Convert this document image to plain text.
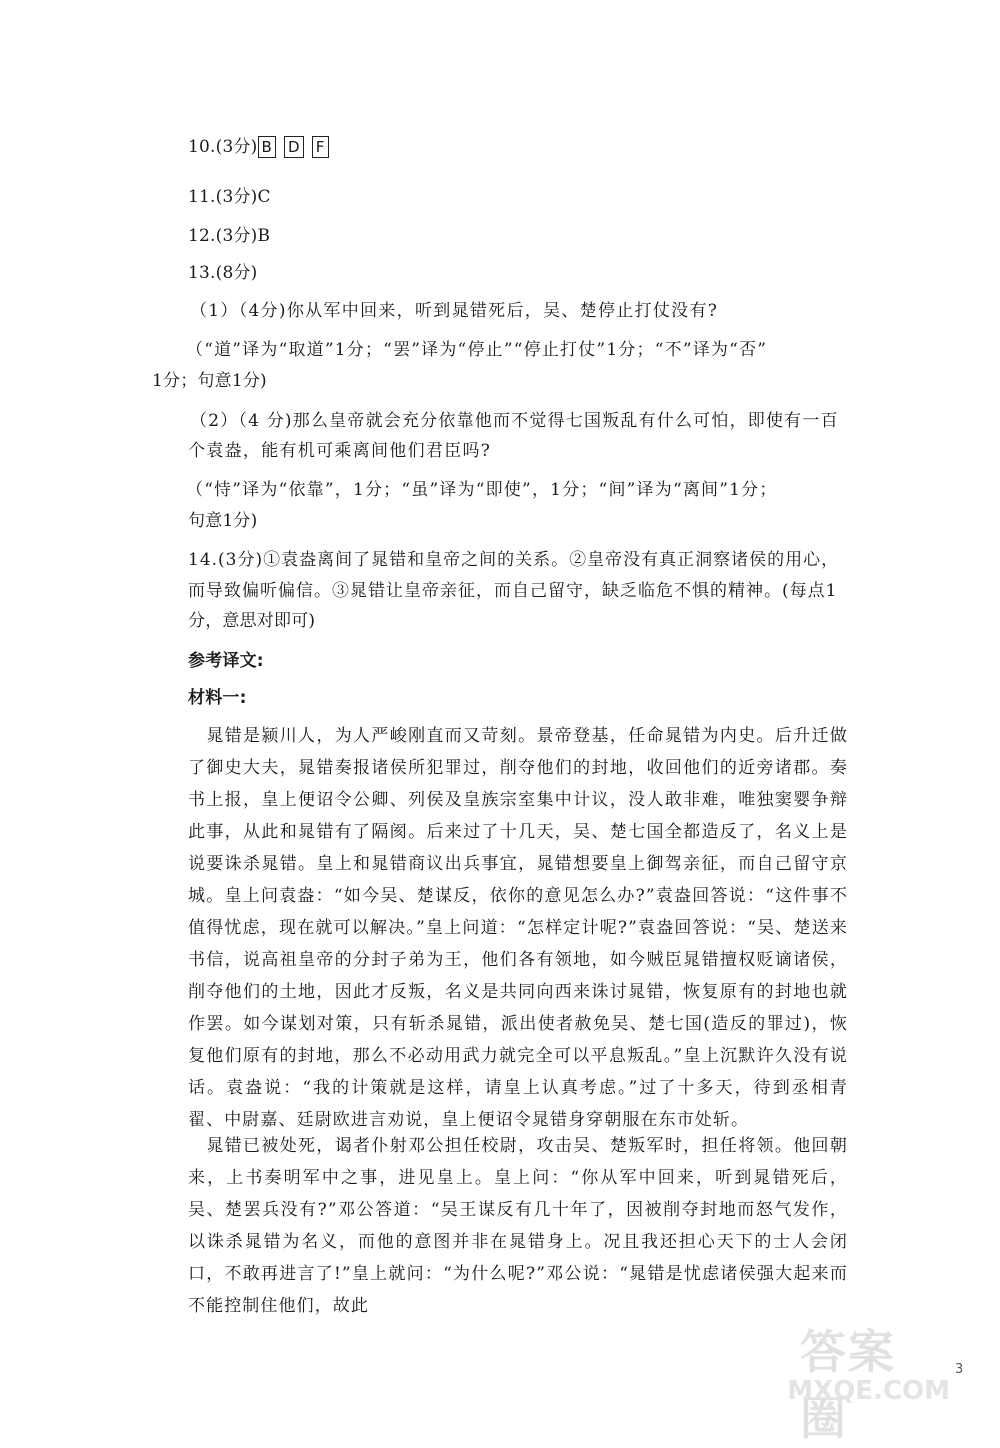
10.(3分) B D F
11.(3分)C
12.(3分)B
13.(8分)
（1）（4分)你从军中回来，听到晁错死后，吴、楚停止打仗没有?
（“道”译为“取道”1分；“罢”译为“停止”“停止打仗”1分；“不”译为“否”
1分；句意1分)
（2）（4 分)那么皇帝就会充分依靠他而不觉得七国叛乱有什么可怕，即使有一百
个袁盎，能有机可乘离间他们君臣吗?
（“恃”译为“依靠”，1分；“虽”译为“即使”，1分；“间”译为“离间”1分；
句意1分)
14.(3分)①袁盎离间了晁错和皇帝之间的关系。②皇帝没有真正洞察诸侯的用心，
而导致偏听偏信。③晁错让皇帝亲征，而自己留守，缺乏临危不惧的精神。(每点1
分，意思对即可)
参考译文:
材料一:
　晁错是颍川人，为人严峻刚直而又苛刻。景帝登基，任命晁错为内史。后升迁做了御史大夫，晁错奏报诸侯所犯罪过，削夺他们的封地，收回他们的近旁诸郡。奏书上报，皇上便诏令公卿、列侯及皇族宗室集中计议，没人敢非难，唯独窦婴争辩此事，从此和晁错有了隔阂。后来过了十几天，吴、楚七国全都造反了，名义上是说要诛杀晁错。皇上和晁错商议出兵事宜，晁错想要皇上御驾亲征，而自己留守京城。皇上问袁盎：“如今吴、楚谋反，依你的意见怎么办?”袁盎回答说：“这件事不值得忧虑，现在就可以解决。”皇上问道：“怎样定计呢?”袁盎回答说：“吴、楚送来书信，说高祖皇帝的分封子弟为王，他们各有领地，如今贼臣晁错擅权贬谪诸侯，削夺他们的土地，因此才反叛，名义是共同向西来诛讨晁错，恢复原有的封地也就作罢。如今谋划对策，只有斩杀晁错，派出使者赦免吴、楚七国(造反的罪过)，恢复他们原有的封地，那么不必动用武力就完全可以平息叛乱。”皇上沉默许久没有说话。袁盎说：“我的计策就是这样，请皇上认真考虑。”过了十多天，待到丞相青翟、中尉嘉、廷尉欧进言劝说，皇上便诏令晁错身穿朝服在东市处斩。
　晁错已被处死，谒者仆射邓公担任校尉，攻击吴、楚叛军时，担任将领。他回朝来，上书奏明军中之事，进见皇上。皇上问：“你从军中回来，听到晁错死后，吴、楚罢兵没有?”邓公答道：“吴王谋反有几十年了，因被削夺封地而怒气发作，以诛杀晁错为名义，而他的意图并非在晁错身上。况且我还担心天下的士人会闭口，不敢再进言了!”皇上就问：“为什么呢?”邓公说：“晁错是忧虑诸侯强大起来而不能控制住他们，故此
答案圈
MXQE.COM
3
